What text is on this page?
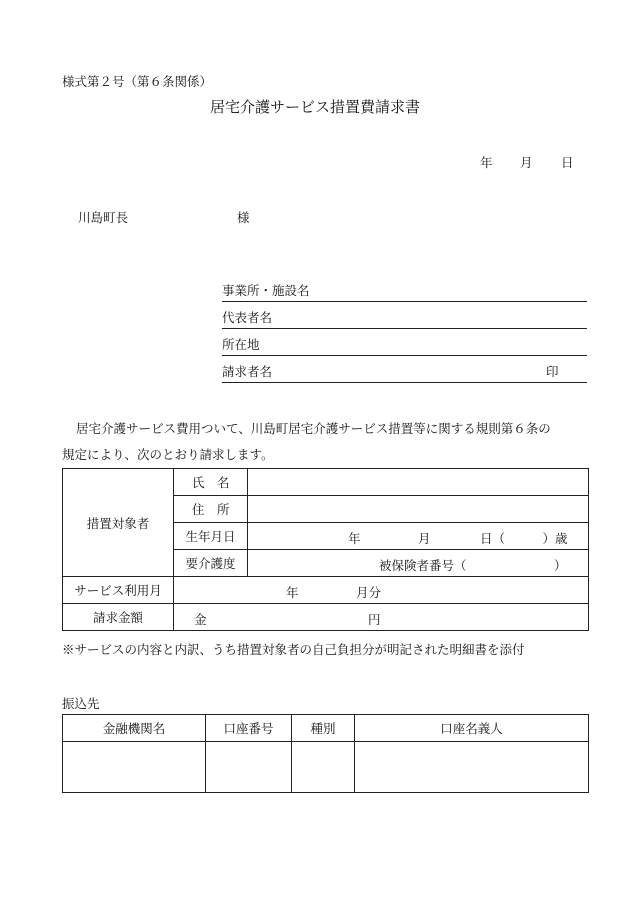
様式第２号（第６条関係）
居宅介護サービス措置費請求書
年 月 日
川島町長	様
事業所・施設名
代表者名
所在地
請求者名	印
居宅介護サービス費用ついて、川島町居宅介護サービス措置等に関する規則第６条の
規定により、次のとおり請求します。
措置対象者	氏　名	
	住　所	
	生年月日	年 月 日（　　　）歳

	要介護度	被保険者番号（　　　　　　　）

サービス利用月	年 月分	

請求金額	金 円	
※サービスの内容と内訳、うち措置対象者の自己負担分が明記された明細書を添付
振込先
金融機関名	口座番号	種別	口座名義人
